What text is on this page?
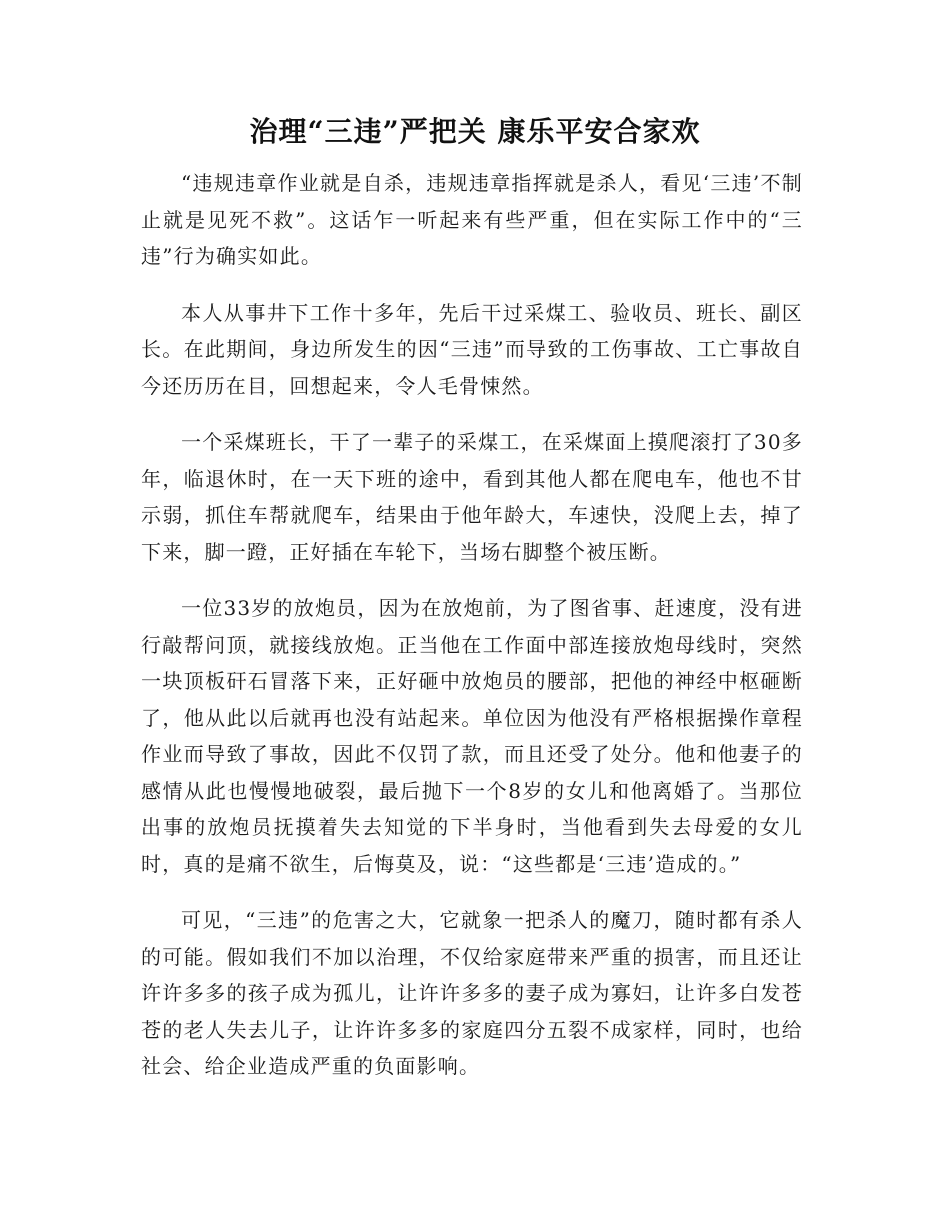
治理“三违”严把关 康乐平安合家欢

“违规违章作业就是自杀，违规违章指挥就是杀人，看见‘三违’不制止就是见死不救”。这话乍一听起来有些严重，但在实际工作中的“三违”行为确实如此。

本人从事井下工作十多年，先后干过采煤工、验收员、班长、副区长。在此期间，身边所发生的因“三违”而导致的工伤事故、工亡事故自今还历历在目，回想起来，令人毛骨悚然。

一个采煤班长，干了一辈子的采煤工，在采煤面上摸爬滚打了30多年，临退休时，在一天下班的途中，看到其他人都在爬电车，他也不甘示弱，抓住车帮就爬车，结果由于他年龄大，车速快，没爬上去，掉了下来，脚一蹬，正好插在车轮下，当场右脚整个被压断。

一位33岁的放炮员，因为在放炮前，为了图省事、赶速度，没有进行敲帮问顶，就接线放炮。正当他在工作面中部连接放炮母线时，突然一块顶板矸石冒落下来，正好砸中放炮员的腰部，把他的神经中枢砸断了，他从此以后就再也没有站起来。单位因为他没有严格根据操作章程作业而导致了事故，因此不仅罚了款，而且还受了处分。他和他妻子的感情从此也慢慢地破裂，最后抛下一个8岁的女儿和他离婚了。当那位出事的放炮员抚摸着失去知觉的下半身时，当他看到失去母爱的女儿时，真的是痛不欲生，后悔莫及，说：“这些都是‘三违’造成的。”

可见，“三违”的危害之大，它就象一把杀人的魔刀，随时都有杀人的可能。假如我们不加以治理，不仅给家庭带来严重的损害，而且还让许许多多的孩子成为孤儿，让许许多多的妻子成为寡妇，让许多白发苍苍的老人失去儿子，让许许多多的家庭四分五裂不成家样，同时，也给社会、给企业造成严重的负面影响。
